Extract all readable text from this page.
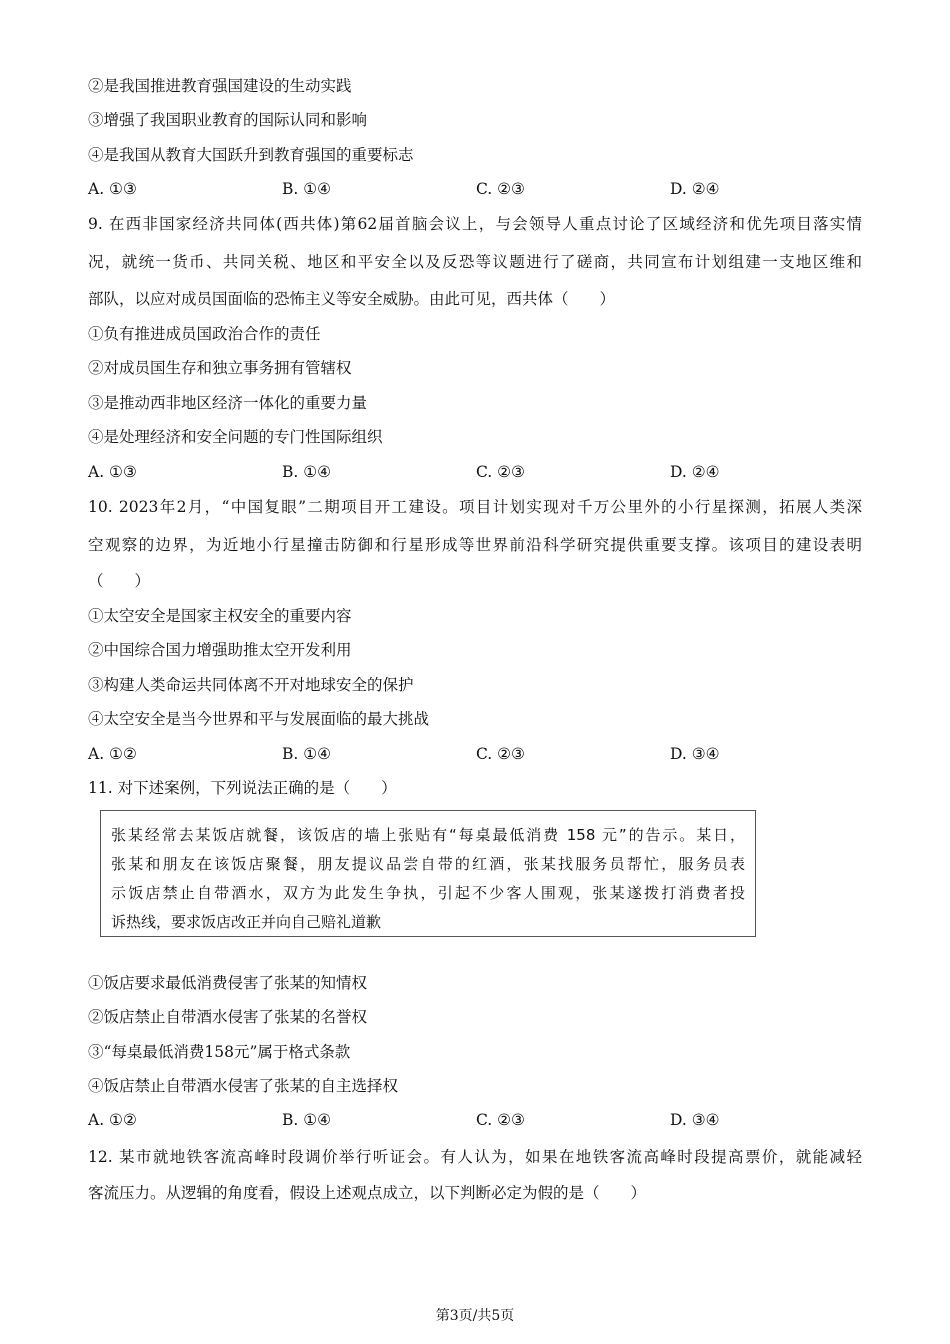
②是我国推进教育强国建设的生动实践
③增强了我国职业教育的国际认同和影响
④是我国从教育大国跃升到教育强国的重要标志
A. ①③	B. ①④	C. ②③	D. ②④
9. 在西非国家经济共同体(西共体)第62届首脑会议上，与会领导人重点讨论了区域经济和优先项目落实情
况，就统一货币、共同关税、地区和平安全以及反恐等议题进行了磋商，共同宣布计划组建一支地区维和
部队，以应对成员国面临的恐怖主义等安全威胁。由此可见，西共体（　　）
①负有推进成员国政治合作的责任
②对成员国生存和独立事务拥有管辖权
③是推动西非地区经济一体化的重要力量
④是处理经济和安全问题的专门性国际组织
A. ①③	B. ①④	C. ②③	D. ②④
10. 2023年2月，“中国复眼”二期项目开工建设。项目计划实现对千万公里外的小行星探测，拓展人类深
空观察的边界，为近地小行星撞击防御和行星形成等世界前沿科学研究提供重要支撑。该项目的建设表明
（　　）
①太空安全是国家主权安全的重要内容
②中国综合国力增强助推太空开发利用
③构建人类命运共同体离不开对地球安全的保护
④太空安全是当今世界和平与发展面临的最大挑战
A. ①②	B. ①④	C. ②③	D. ③④
11. 对下述案例，下列说法正确的是（　　）
张某经常去某饭店就餐，该饭店的墙上张贴有“每桌最低消费 158 元”的告示。某日，
张某和朋友在该饭店聚餐，朋友提议品尝自带的红酒，张某找服务员帮忙，服务员表
示饭店禁止自带酒水，双方为此发生争执，引起不少客人围观，张某遂拨打消费者投
诉热线，要求饭店改正并向自己赔礼道歉
①饭店要求最低消费侵害了张某的知情权
②饭店禁止自带酒水侵害了张某的名誉权
③“每桌最低消费158元”属于格式条款
④饭店禁止自带酒水侵害了张某的自主选择权
A. ①②	B. ①④	C. ②③	D. ③④
12. 某市就地铁客流高峰时段调价举行听证会。有人认为，如果在地铁客流高峰时段提高票价，就能减轻
客流压力。从逻辑的角度看，假设上述观点成立，以下判断必定为假的是（　　）
第3页/共5页
